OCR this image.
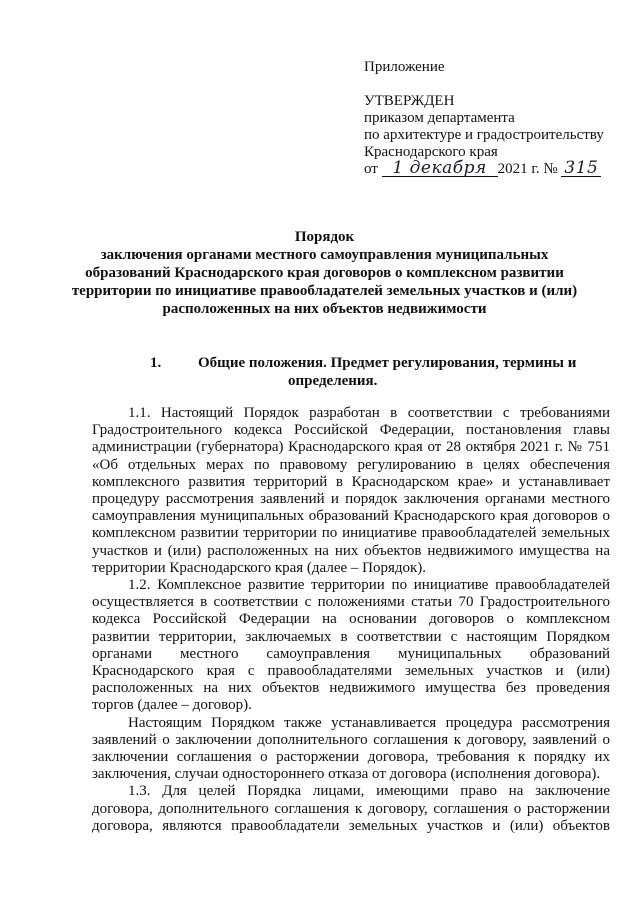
Приложение
УТВЕРЖДЕН
приказом департамента
по архитектуре и градостроительству
Краснодарского края
от 1 декабря 2021 г. № 315
Порядок
заключения органами местного самоуправления муниципальных
образований Краснодарского края договоров о комплексном развитии
территории по инициативе правообладателей земельных участков и (или)
расположенных на них объектов недвижимости
1. Общие положения. Предмет регулирования, термины и
определения.
1.1. Настоящий Порядок разработан в соответствии с требованиями
Градостроительного кодекса Российской Федерации, постановления главы
администрации (губернатора) Краснодарского края от 28 октября 2021 г. № 751
«Об отдельных мерах по правовому регулированию в целях обеспечения
комплексного развития территорий в Краснодарском крае» и устанавливает
процедуру рассмотрения заявлений и порядок заключения органами местного
самоуправления муниципальных образований Краснодарского края договоров о
комплексном развитии территории по инициативе правообладателей земельных
участков и (или) расположенных на них объектов недвижимого имущества на
территории Краснодарского края (далее – Порядок).
1.2. Комплексное развитие территории по инициативе правообладателей
осуществляется в соответствии с положениями статьи 70 Градостроительного
кодекса Российской Федерации на основании договоров о комплексном
развитии территории, заключаемых в соответствии с настоящим Порядком
органами местного самоуправления муниципальных образований
Краснодарского края с правообладателями земельных участков и (или)
расположенных на них объектов недвижимого имущества без проведения
торгов (далее – договор).
Настоящим Порядком также устанавливается процедура рассмотрения
заявлений о заключении дополнительного соглашения к договору, заявлений о
заключении соглашения о расторжении договора, требования к порядку их
заключения, случаи одностороннего отказа от договора (исполнения договора).
1.3. Для целей Порядка лицами, имеющими право на заключение
договора, дополнительного соглашения к договору, соглашения о расторжении
договора, являются правообладатели земельных участков и (или) объектов
